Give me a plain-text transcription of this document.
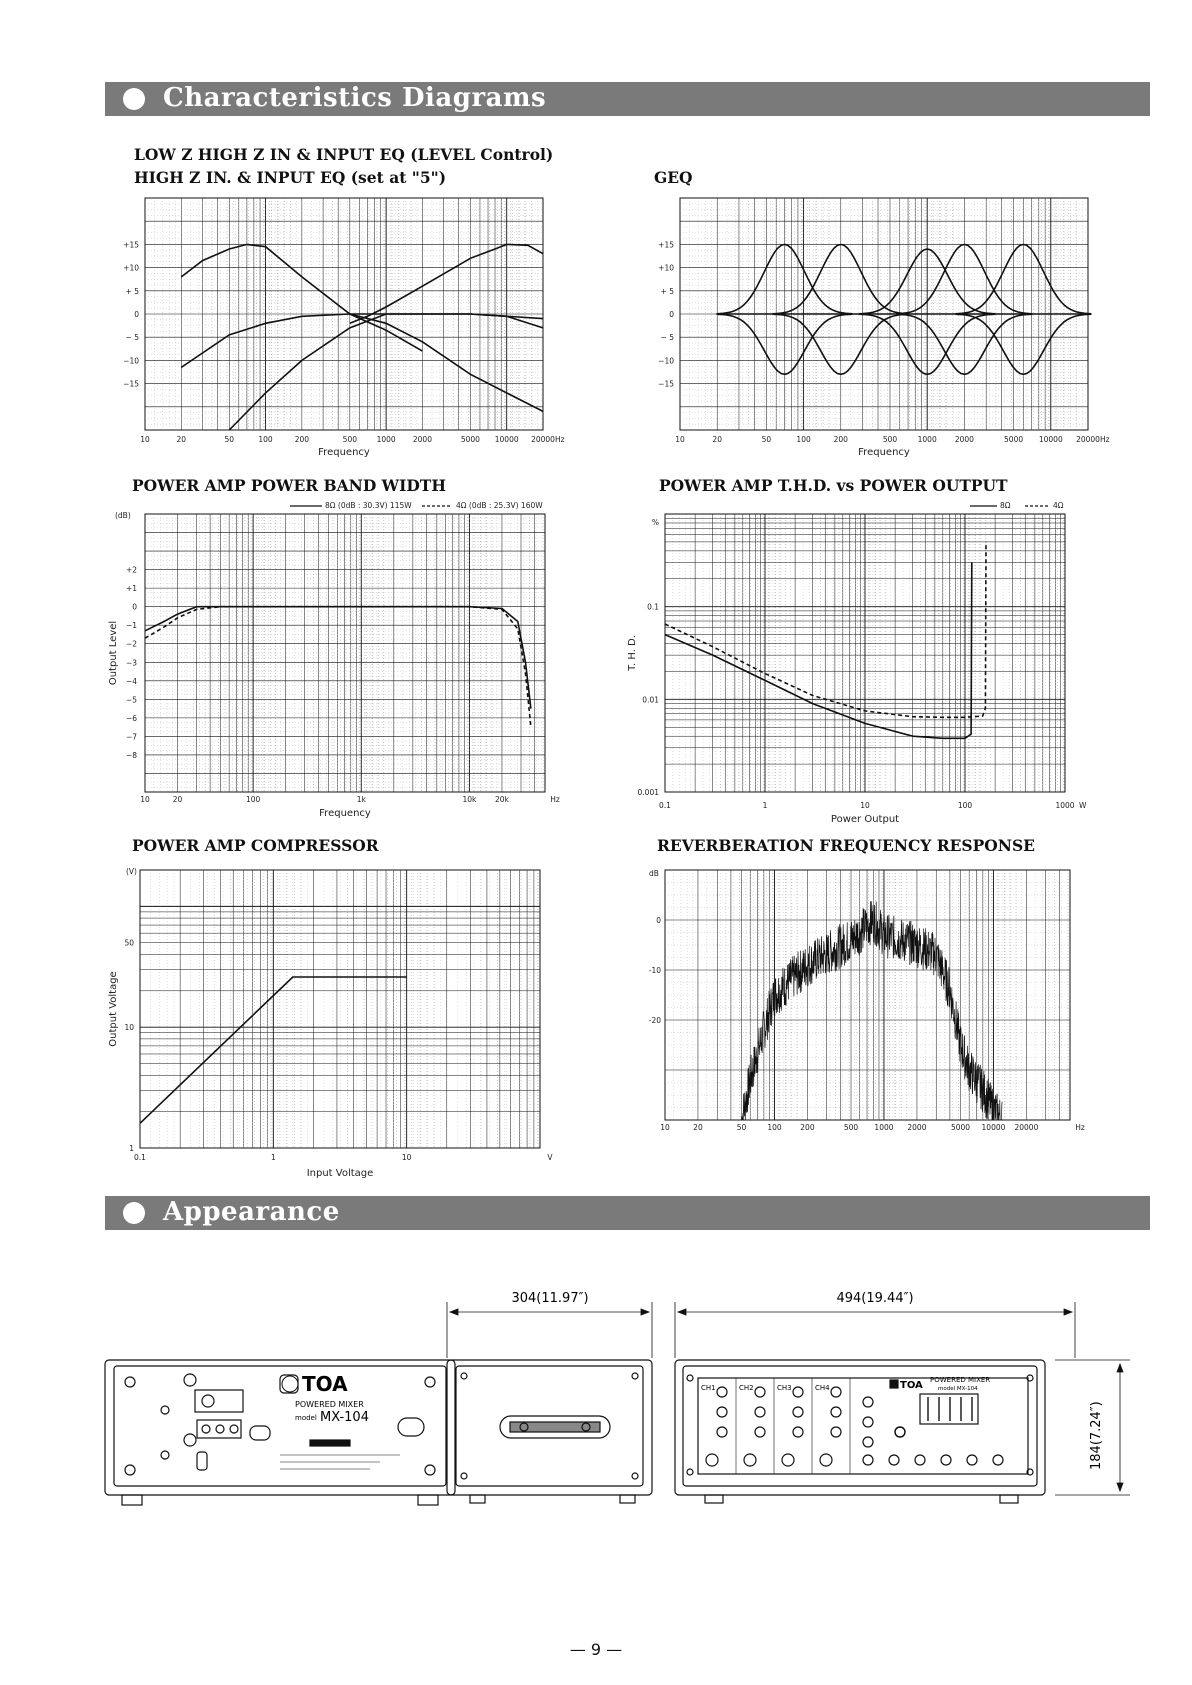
Characteristics Diagrams
LOW Z HIGH Z IN & INPUT EQ (LEVEL Control)
HIGH Z IN. & INPUT EQ (set at "5")	GEQ
POWER AMP POWER BAND WIDTH	POWER AMP T.H.D. vs POWER OUTPUT
POWER AMP COMPRESSOR	REVERBERATION FREQUENCY RESPONSE
10	20	50	100	200	500	1000 2000	5000 10000 20000 Hz
Frequency
+15
+10
+ 5
0
− 5
−10
−15
10	20	50	100	200	500	1000 2000	5000 10000 20000 Hz
Frequency
+15
+10
+ 5
0
− 5
−10
−15
10	20	100	1k	10k 20k	Hz
Frequency
+2
+1
0
−1
−2
−3
−4
−5
−6
−7
−8
(dB)
Output Level
8Ω (0dB : 30.3V) 115W	4Ω (0dB : 25.3V) 160W
0.1	1	10	100	1000 W
Power Output
%
0.1
0.01
0.001
T. H. D.
8Ω	4Ω
0.1	1	10	V
Input Voltage
50
10
1
(V)
Output Voltage
10	20	50	100 200	500 1000 2000	5000 10000 20000	Hz
0
-10
-20
dB
Appearance
304(11.97″)	494(19.44″)
184(7.24″)
TOA
POWERED MIXER
model MX-104
TOA POWERED MIXER
model MX-104
CH1	CH2	CH3	CH4
— 9 —
